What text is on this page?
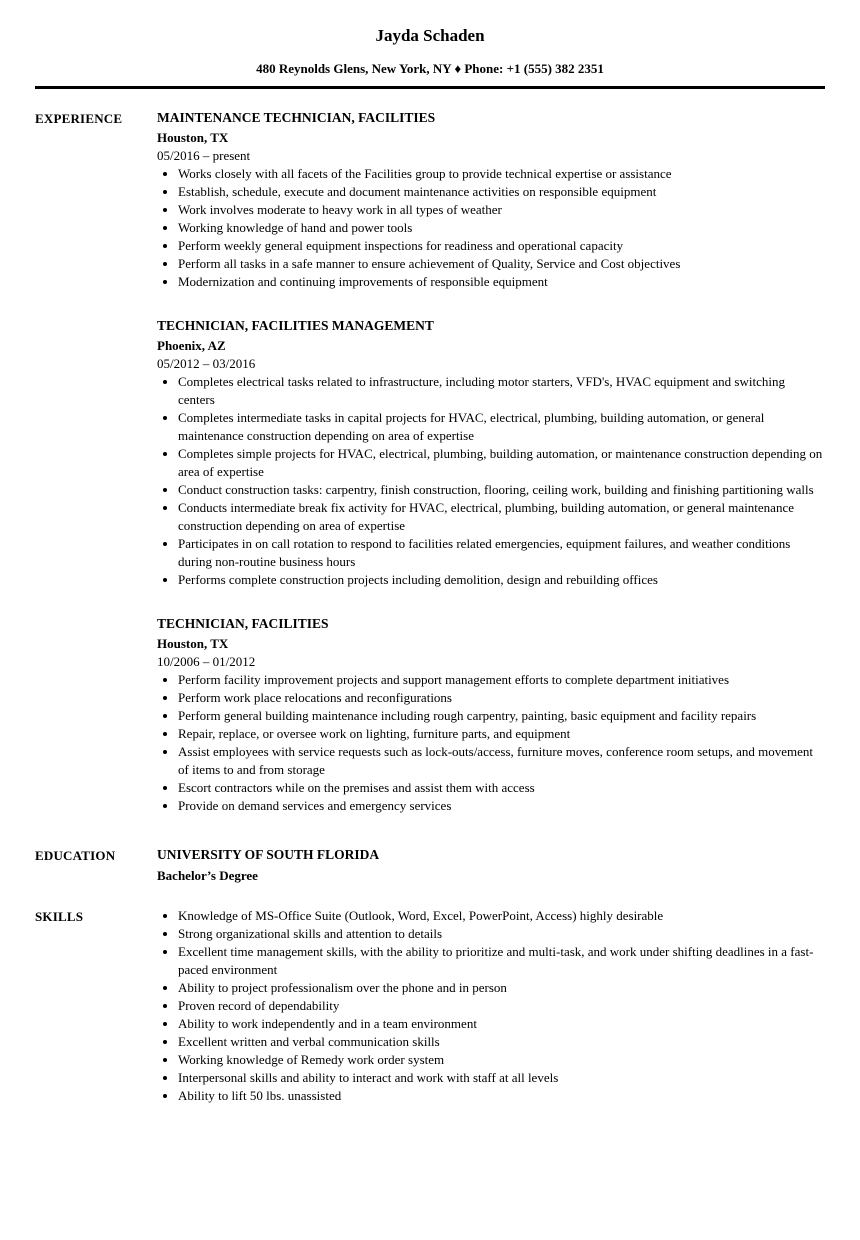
Jayda Schaden
480 Reynolds Glens, New York, NY ♦ Phone: +1 (555) 382 2351
EXPERIENCE	MAINTENANCE TECHNICIAN, FACILITIES
Houston, TX
05/2016 – present
• Works closely with all facets of the Facilities group to provide technical expertise or assistance
• Establish, schedule, execute and document maintenance activities on responsible equipment
• Work involves moderate to heavy work in all types of weather
• Working knowledge of hand and power tools
• Perform weekly general equipment inspections for readiness and operational capacity
• Perform all tasks in a safe manner to ensure achievement of Quality, Service and Cost objectives
• Modernization and continuing improvements of responsible equipment
TECHNICIAN, FACILITIES MANAGEMENT
Phoenix, AZ
05/2012 – 03/2016
• Completes electrical tasks related to infrastructure, including motor starters, VFD's, HVAC equipment and switching centers
• Completes intermediate tasks in capital projects for HVAC, electrical, plumbing, building automation, or general maintenance construction depending on area of expertise
• Completes simple projects for HVAC, electrical, plumbing, building automation, or maintenance construction depending on area of expertise
• Conduct construction tasks: carpentry, finish construction, flooring, ceiling work, building and finishing partitioning walls
• Conducts intermediate break fix activity for HVAC, electrical, plumbing, building automation, or general maintenance construction depending on area of expertise
• Participates in on call rotation to respond to facilities related emergencies, equipment failures, and weather conditions during non-routine business hours
• Performs complete construction projects including demolition, design and rebuilding offices
TECHNICIAN, FACILITIES
Houston, TX
10/2006 – 01/2012
• Perform facility improvement projects and support management efforts to complete department initiatives
• Perform work place relocations and reconfigurations
• Perform general building maintenance including rough carpentry, painting, basic equipment and facility repairs
• Repair, replace, or oversee work on lighting, furniture parts, and equipment
• Assist employees with service requests such as lock-outs/access, furniture moves, conference room setups, and movement of items to and from storage
• Escort contractors while on the premises and assist them with access
• Provide on demand services and emergency services
EDUCATION	UNIVERSITY OF SOUTH FLORIDA
Bachelor’s Degree
SKILLS	• Knowledge of MS-Office Suite (Outlook, Word, Excel, PowerPoint, Access) highly desirable
• Strong organizational skills and attention to details
• Excellent time management skills, with the ability to prioritize and multi-task, and work under shifting deadlines in a fast-paced environment
• Ability to project professionalism over the phone and in person
• Proven record of dependability
• Ability to work independently and in a team environment
• Excellent written and verbal communication skills
• Working knowledge of Remedy work order system
• Interpersonal skills and ability to interact and work with staff at all levels
• Ability to lift 50 lbs. unassisted
